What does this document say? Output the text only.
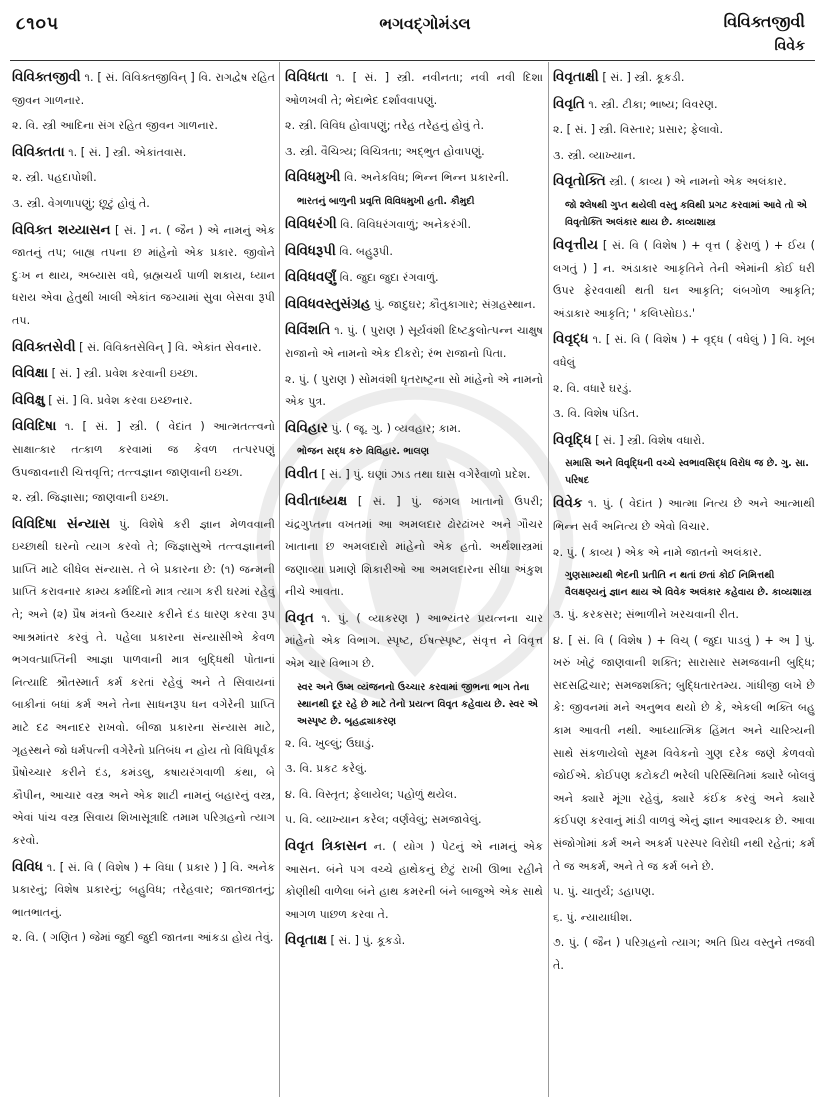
૮૧૦૫	ભગવદ્ગોમંડલ	વિવિક્તજીવી
વિવેક

વિવિક્તજીવી ૧. [ સં. વિવિક્તજીવિન્ ] વિ. રાગદ્વેષ રહિત જીવન ગાળનાર.

૨. વિ. સ્ત્રી આદિના સંગ રહિત જીવન ગાળનાર.

વિવિક્તતા ૧. [ સં. ] સ્ત્રી. એકાંતવાસ.

૨. સ્ત્રી. પહદાપોશી.

૩. સ્ત્રી. વેગળાપણું; છૂટું હોવું તે.

વિવિક્ત શય્યાસન [ સં. ] ન. ( જૈન ) એ નામનું એક જાતનું તપ; બાહ્ય તપના છ માંહેનો એક પ્રકાર. જીવોને દુઃખ ન થાય, અબ્યાસ વધે, બ્રહ્મચર્ય પાળી શકાય, ધ્યાન ધરાય એવા હેતુથી ખાલી એકાંત જગ્યામાં સુવા બેસવા રૂપી તપ.

વિવિક્તસેવી [ સં. વિવિક્તસેવિન્ ] વિ. એકાંત સેવનાર.

વિવિક્ષા [ સં. ] સ્ત્રી. પ્રવેશ કરવાની ઇચ્છા.

વિવિક્ષુ [ સં. ] વિ. પ્રવેશ કરવા ઇચ્છનાર.

વિવિદિષા ૧. [ સં. ] સ્ત્રી. ( વેદાંત ) આત્મતત્ત્વનો સાક્ષાત્કાર તત્કાળ કરવામાં જ કેવળ તત્પરપણું ઉપજાવનારી ચિત્તવૃત્તિ; તત્ત્વજ્ઞાન જાણવાની ઇચ્છા.

૨. સ્ત્રી. જિજ્ઞાસા; જાણવાની ઇચ્છા.

વિવિદિષા સંન્યાસ પું. વિશેષે કરી જ્ઞાન મેળવવાની ઇચ્છાથી ઘરનો ત્યાગ કરવો તે; જિજ્ઞાસુએ તત્ત્વજ્ઞાનની પ્રાપ્તિ માટે લીધેલ સંન્યાસ. તે બે પ્રકારના છે: (૧) જન્મની પ્રાપ્તિ કરાવનાર કામ્ય કર્માદિનો માત્ર ત્યાગ કરી ઘરમાં રહેવું તે; અને (૨) પ્રૈષ મંત્રનો ઉચ્ચાર કરીને દંડ ધારણ કરવા રૂપ આશ્રમાંતર કરવું તે. પહેલા પ્રકારના સંન્યાસીએ કેવળ ભગવત્પ્રાપ્તિની આજ્ઞા પાળવાની માત્ર બુદ્ધિથી પોતાનાં નિત્યાદિ શ્રૌતસ્માર્ત કર્મ કરતાં રહેવું અને તે સિવાયનાં બાકીનાં બધાં કર્મ અને તેના સાધનરૂપ ધન વગેરેની પ્રાપ્તિ માટે દઢ અનાદર રાખવો. બીજા પ્રકારના સંન્યાસ માટે, ગૃહસ્થને જો ધર્મપત્ની વગેરેનો પ્રતિબંધ ન હોય તો વિધિપૂર્વક પ્રૈષોચ્ચાર કરીને દંડ, કમંડલુ, કષાયરંગવાળી કંથા, બે કૌપીન, આચાર વસ્ત્ર અને એક શાટી નામનું બહારનું વસ્ત્ર, એવાં પાંચ વસ્ત્ર સિવાય શિખાસૂત્રાદિ તમામ પરિગ્રહનો ત્યાગ કરવો.

વિવિધ ૧. [ સં. વિ ( વિશેષ ) + વિધા ( પ્રકાર ) ] વિ. અનેક પ્રકારનું; વિશેષ પ્રકારનું; બહુવિધ; તરેહવાર; જાતજાતનું; ભાતભાતનું.

૨. વિ. ( ગણિત ) જેમાં જુદી જુદી જાતના આંકડા હોય તેવું.

વિવિધતા ૧. [ સં. ] સ્ત્રી. નવીનતા; નવી નવી દિશા ઓળખવી તે; ભેદાભેદ દર્શાવવાપણું.

૨. સ્ત્રી. વિવિધ હોવાપણું; તરેહ તરેહનું હોવું તે.

૩. સ્ત્રી. વૈચિત્ર્ય; વિચિત્રતા; અદ્ભુત હોવાપણું.

વિવિધમુખી વિ. અનેકવિધ; ભિન્ન ભિન્ન પ્રકારની.

ભારતનું બાળુની પ્રવૃત્તિ વિવિધમુખી હતી. કૌમુદી

વિવિધરંગી વિ. વિવિધરંગવાળું; અનેકરંગી.

વિવિધરૂપી વિ. બહુરૂપી.

વિવિધવર્ણું વિ. જુદા જુદા રંગવાળું.

વિવિધવસ્તુસંગ્રહ પું. જાદુઘર; કૌતુકાગાર; સંગ્રહસ્થાન.

વિવિંશતિ ૧. પું. ( પુરાણ ) સૂર્યવંશી દિષ્ટકુલોત્પન્ન ચાક્ષુષ રાજાનો એ નામનો એક દીકરો; રંભ રાજાનો પિતા.

૨. પું. ( પુરાણ ) સોમવંશી ધૃતરાષ્ટ્રના સો માંહેનો એ નામનો એક પુત્ર.

વિવિહાર પું. ( જૂ. ગુ. ) વ્યવહાર; કામ.

ભોજન સદ્ધ કરુ વિવિહાર. ભાલણ

વિવીત [ સં. ] પું. ઘણાં ઝાડ તથા ઘાસ વગેરેવાળો પ્રદેશ.

વિવીતાધ્યક્ષ [ સં. ] પું. જંગલ ખાતાનો ઉપરી; ચંદ્રગુપ્તના વખતમાં આ અમલદાર ઢોરઢાંખર અને ગૌચર ખાતાના છ અમલદારો માંહેનો એક હતો. અર્થશાસ્ત્રમાં જણાવ્યા પ્રમાણે શિકારીઓ આ અમલદારના સીધા અંકુશ નીચે આવતા.

વિવૃત ૧. પું. ( વ્યાકરણ ) આભ્યંતર પ્રયત્નના ચાર માંહેનો એક વિભાગ. સ્પૃષ્ટ, ઈષત્સ્પૃષ્ટ, સંવૃત્ત ને વિવૃત્ત એમ ચાર વિભાગ છે.

સ્વર અને ઉષ્મ વ્યંજનનો ઉચ્ચાર કરવામાં જીભના ભાગ તેના સ્થાનથી દૂર રહે છે માટે તેનો પ્રયત્ન વિવૃત કહેવાય છે. સ્વર એ અસ્પૃષ્ટ છે. બૃહદ્વ્યાકરણ

૨. વિ. ખુલ્લું; ઉઘાડું.

૩. વિ. પ્રકટ કરેલું.

૪. વિ. વિસ્તૃત; ફેલાયેલ; પહોળું થયેલ.

૫. વિ. વ્યાખ્યાન કરેલ; વર્ણવેલું; સમજાવેલું.

વિવૃત ત્રિકાસન ન. ( યોગ ) પેટનું એ નામનું એક આસન. બંને પગ વચ્ચે હાથેકનું છેટું રાખી ઊભા રહીને કોણીથી વાળેલા બંને હાથ કમરની બંને બાજુએ એક સાથે આગળ પાછળ કરવા તે.

વિવૃતાક્ષ [ સં. ] પું. કૂકડો.

વિવૃતાક્ષી [ સં. ] સ્ત્રી. કૂકડી.

વિવૃતિ ૧. સ્ત્રી. ટીકા; ભાષ્ય; વિવરણ.

૨. [ સં. ] સ્ત્રી. વિસ્તાર; પ્રસાર; ફેલાવો.

૩. સ્ત્રી. વ્યાખ્યાન.

વિવૃતોક્તિ સ્ત્રી. ( કાવ્ય ) એ નામનો એક અલંકાર.

જો શ્લેષથી ગુપ્ત થયેલી વસ્તુ કવિથી પ્રગટ કરવામાં આવે તો એ વિવૃતોક્તિ અલંકાર થાય છે. કાવ્યશાસ્ત્ર

વિવૃત્તીય [ સં. વિ ( વિશેષ ) + વૃત્ત ( ફેરાળું ) + ઈય ( લગતું ) ] ન. અંડાકાર આકૃતિને તેની એમાંની કોઈ ધરી ઉપર ફેરવવાથી થતી ઘન આકૃતિ; લંબગોળ આકૃતિ; અંડાકાર આકૃતિ; ' કલિપ્સોઇડ.'

વિવૃદ્ધ ૧. [ સં. વિ ( વિશેષ ) + વૃદ્ધ ( વધેલું ) ] વિ. ખૂબ વધેલું

૨. વિ. વધારે ઘરડું.

૩. વિ. વિશેષ પંડિત.

વિવૃદ્ધિ [ સં. ] સ્ત્રી. વિશેષ વધારો.

સમાસિ અને વિવૃદ્ધિની વચ્ચે સ્વભાવસિદ્ધ વિરોધ જ છે. ગુ. સા. પરિષદ

વિવેક ૧. પું. ( વેદાંત ) આત્મા નિત્ય છે અને આત્માથી ભિન્ન સર્વ અનિત્ય છે એવો વિચાર.

૨. પું. ( કાવ્ય ) એક એ નામે જાતનો અલંકાર.

ગુણસામ્યથી ભેદની પ્રતીતિ ન થતાં છતાં કોઈ નિમિત્તથી વૈલક્ષણ્યનું જ્ઞાન થાય એ વિવેક અલંકાર કહેવાય છે. કાવ્યશાસ્ત્ર

૩. પું. કરકસર; સંભાળીને ખરચવાની રીત.

૪. [ સં. વિ ( વિશેષ ) + વિચ્ ( જુદા પાડવું ) + અ ] પું. ખરું ખોટું જાણવાની શક્તિ; સારાસાર સમજવાની બુદ્ધિ; સદસદ્વિચાર; સમજશક્તિ; બુદ્ધિતારતમ્ય. ગાંધીજી લખે છે કે: જીવનમાં મને અનુભવ થયો છે કે, એકલી ભક્તિ બહુ કામ આવતી નથી. આધ્યાત્મિક હિંમત અને ચારિત્ર્યની સાથે સંકળાયેલો સૂક્ષ્મ વિવેકનો ગુણ દરેક જણે કેળવવો જોઈએ. કોઈપણ કટોકટી ભરેલી પરિસ્થિતિમાં ક્યારે બોલવું અને ક્યારે મૂંગા રહેવું, ક્યારે કંઈક કરવું અને ક્યારે કંઈપણ કરવાનું માંડી વાળવું એનું જ્ઞાન આવશ્યક છે. આવા સંજોગોમાં કર્મ અને અકર્મ પરસ્પર વિરોધી નથી રહેતાં; કર્મ તે જ અકર્મ, અને તે જ કર્મ બને છે.

૫. પું. ચાતુર્ય; ડહાપણ.

૬. પું. ન્યાયાધીશ.

૭. પું. ( જૈન ) પરિગ્રહનો ત્યાગ; અતિ પ્રિય વસ્તુને તજવી તે.
